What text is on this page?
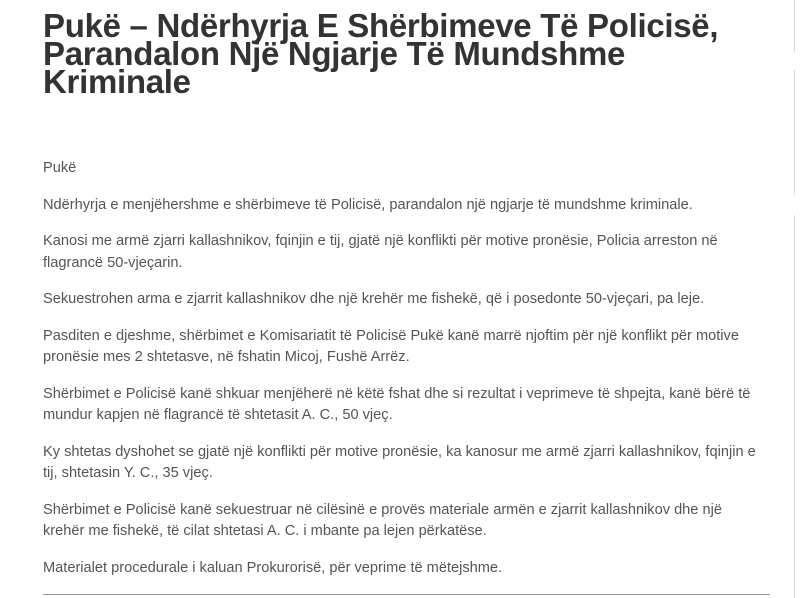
Pukë – Ndërhyrja E Shërbimeve Të Policisë, Parandalon Një Ngjarje Të Mundshme Kriminale

Pukë

Ndërhyrja e menjëhershme e shërbimeve të Policisë, parandalon një ngjarje të mundshme kriminale.

Kanosi me armë zjarri kallashnikov, fqinjin e tij, gjatë një konflikti për motive pronësie, Policia arreston në flagrancë 50-vjeçarin.

Sekuestrohen arma e zjarrit kallashnikov dhe një krehër me fishekë, që i posedonte 50-vjeçari, pa leje.

Pasditen e djeshme, shërbimet e Komisariatit të Policisë Pukë kanë marrë njoftim për një konflikt për motive pronësie mes 2 shtetasve, në fshatin Micoj, Fushë Arrëz.

Shërbimet e Policisë kanë shkuar menjëherë në këtë fshat dhe si rezultat i veprimeve të shpejta, kanë bërë të mundur kapjen në flagrancë të shtetasit A. C., 50 vjeç.

Ky shtetas dyshohet se gjatë një konflikti për motive pronësie, ka kanosur me armë zjarri kallashnikov, fqinjin e tij, shtetasin Y. C., 35 vjeç.

Shërbimet e Policisë kanë sekuestruar në cilësinë e provës materiale armën e zjarrit kallashnikov dhe një krehër me fishekë, të cilat shtetasi A. C. i mbante pa lejen përkatëse.

Materialet procedurale i kaluan Prokurorisë, për veprime të mëtejshme.
